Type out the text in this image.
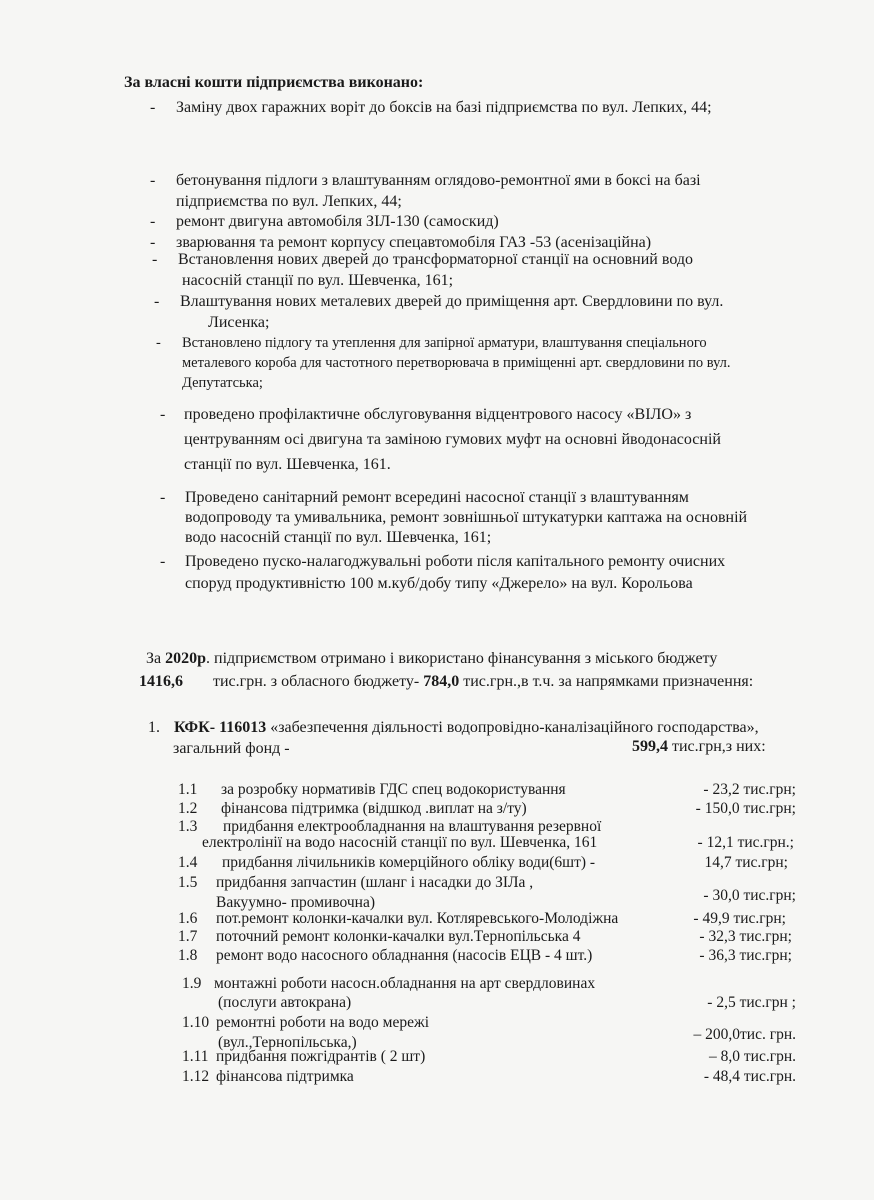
За власні кошти підприємства виконано:
- Заміну двох гаражних воріт до боксів на базі підприємства по вул. Лепких, 44;
- бетонування підлоги з влаштуванням оглядово-ремонтної ями в боксі на базі
підприємства по вул. Лепких, 44;
- ремонт двигуна автомобіля ЗІЛ-130 (самоскид)
- зварювання та ремонт корпусу спецавтомобіля ГАЗ -53 (асенізаційна)
- Встановлення нових дверей до трансформаторної станції на основний водо
насосній станції по вул. Шевченка, 161;
- Влаштування нових металевих дверей до приміщення арт. Свердловини по вул.
Лисенка;
- Встановлено підлогу та утеплення для запірної арматури, влаштування спеціального
металевого короба для частотного перетворювача в приміщенні арт. свердловини по вул.
Депутатська;
- проведено профілактичне обслуговування відцентрового насосу «ВІЛО» з
центруванням осі двигуна та заміною гумових муфт на основні йводонасосній
станції по вул. Шевченка, 161.
- Проведено санітарний ремонт всередині насосної станції з влаштуванням
водопроводу та умивальника, ремонт зовнішньої штукатурки каптажа на основній
водо насосній станції по вул. Шевченка, 161;
- Проведено пуско-налагоджувальні роботи після капітального ремонту очисних
споруд продуктивністю 100 м.куб/добу типу «Джерело» на вул. Корольова
За 2020р. підприємством отримано і використано фінансування з міського бюджету
1416,6 тис.грн. з обласного бюджету- 784,0 тис.грн.,в т.ч. за напрямками призначення:
1. КФК- 116013 «забезпечення діяльності водопровідно-каналізаційного господарства»,
загальний фонд -	599,4 тис.грн,з них:
1.1 за розробку нормативів ГДС спец водокористування	- 23,2 тис.грн;
1.2 фінансова підтримка (відшкод .виплат на з/ту)	- 150,0 тис.грн;
1.3 придбання електрообладнання на влаштування резервної
електролінії на водо насосній станції по вул. Шевченка, 161	- 12,1 тис.грн.;
1.4 придбання лічильників комерційного обліку води(6шт) -	14,7 тис.грн;
1.5 придбання запчастин (шланг і насадки до ЗІЛа ,
Вакуумно- промивочна)	- 30,0 тис.грн;
1.6 пот.ремонт колонки-качалки вул. Котляревського-Молодіжна	- 49,9 тис.грн;
1.7 поточний ремонт колонки-качалки вул.Тернопільська 4	- 32,3 тис.грн;
1.8 ремонт водо насосного обладнання (насосів ЕЦВ - 4 шт.)	- 36,3 тис.грн;
1.9 монтажні роботи насосн.обладнання на арт свердловинах
(послуги автокрана)	- 2,5 тис.грн ;
1.10 ремонтні роботи на водо мережі
(вул.,Тернопільська,)	– 200,0тис. грн.
1.11 придбання пожгідрантів ( 2 шт)	– 8,0 тис.грн.
1.12 фінансова підтримка	- 48,4 тис.грн.
